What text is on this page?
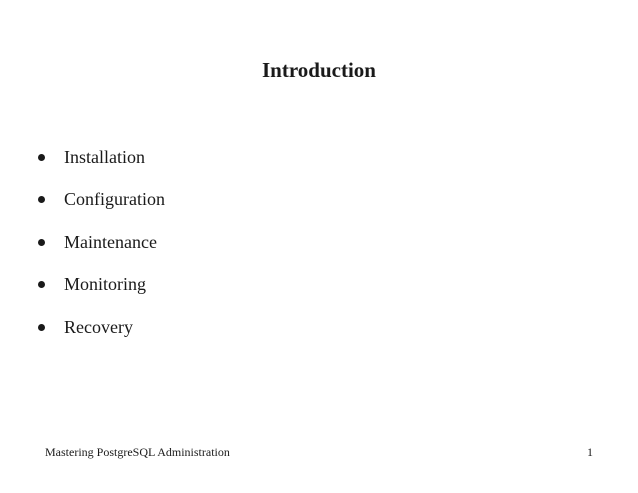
Introduction
Installation
Configuration
Maintenance
Monitoring
Recovery
Mastering PostgreSQL Administration	1
